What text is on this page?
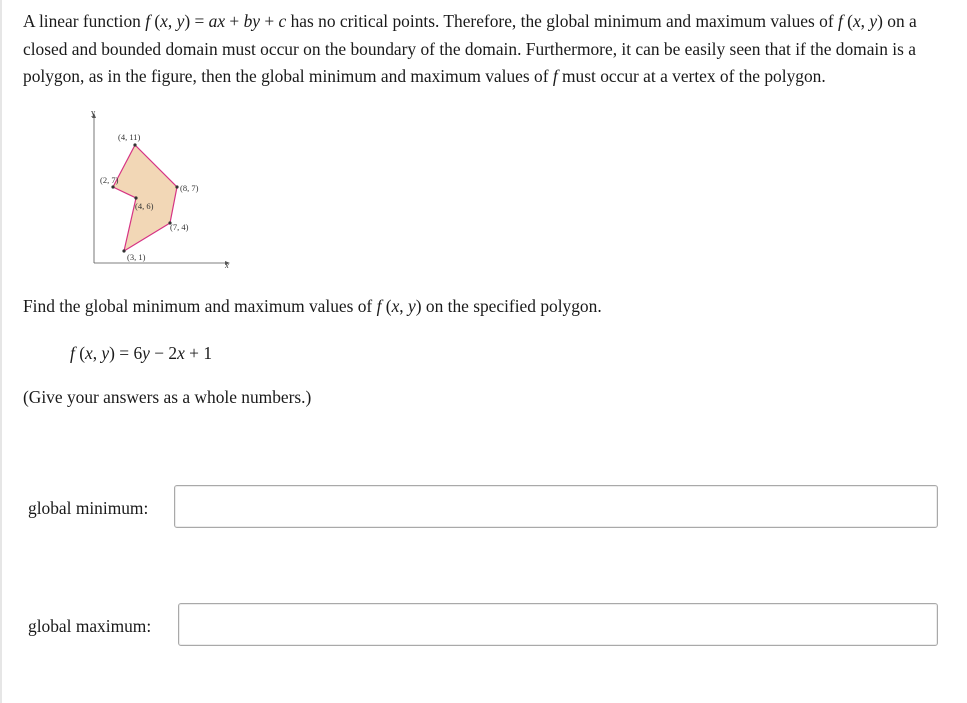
A linear function f (x, y) = ax + by + c has no critical points. Therefore, the global minimum and maximum values of f (x, y) on a closed and bounded domain must occur on the boundary of the domain. Furthermore, it can be easily seen that if the domain is a polygon, as in the figure, then the global minimum and maximum values of f must occur at a vertex of the polygon.

y
x
(4, 11)
(2, 7)
(8, 7)
(4, 6)
(7, 4)
(3, 1)

Find the global minimum and maximum values of f (x, y) on the specified polygon.

f (x, y) = 6y − 2x + 1

(Give your answers as a whole numbers.)

global minimum:
global maximum:
